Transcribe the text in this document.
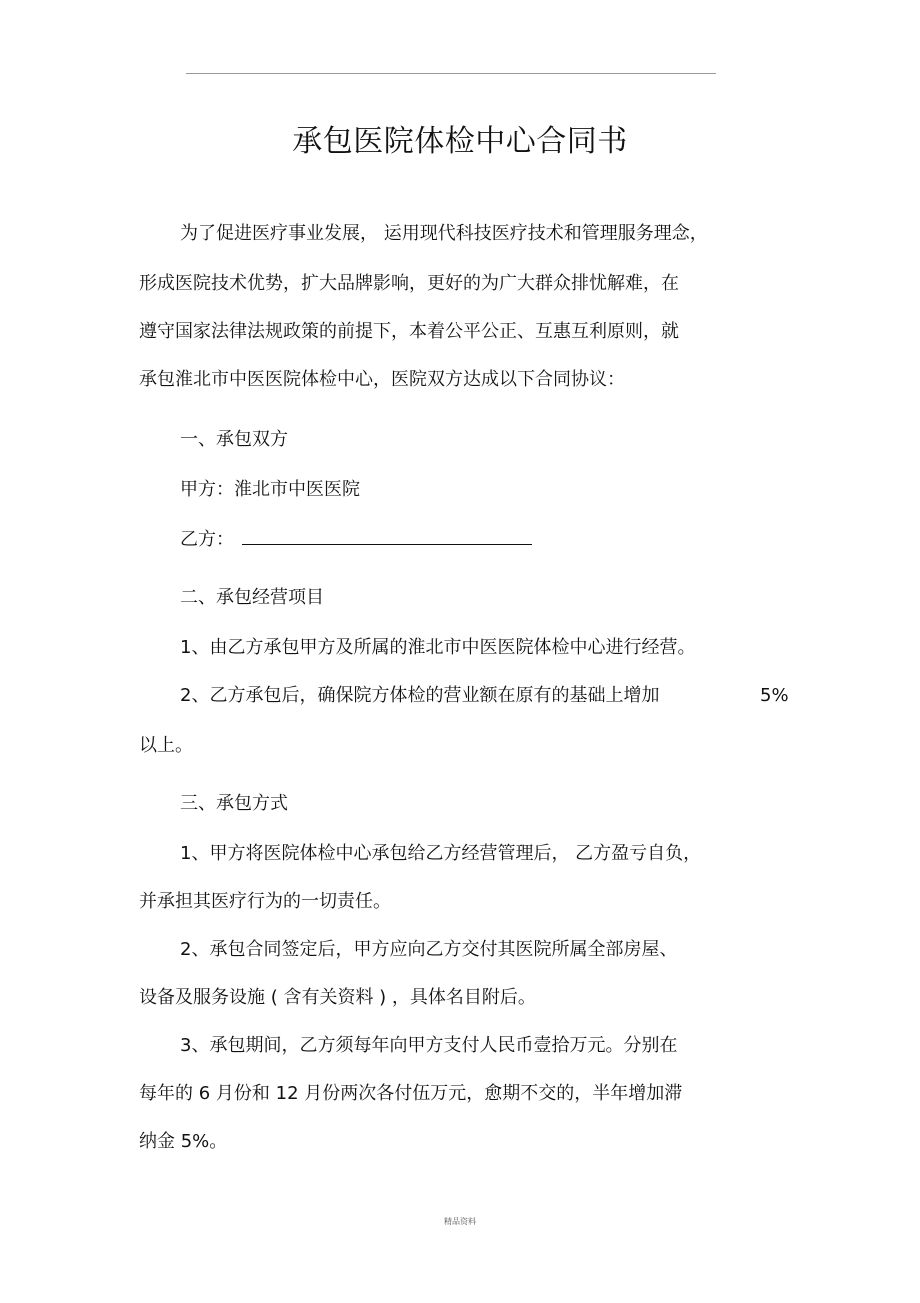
承包医院体检中心合同书
为了促进医疗事业发展， 运用现代科技医疗技术和管理服务理念，
形成医院技术优势，扩大品牌影响，更好的为广大群众排忧解难，在
遵守国家法律法规政策的前提下，本着公平公正、互惠互利原则，就
承包淮北市中医医院体检中心，医院双方达成以下合同协议：
一、承包双方
甲方：淮北市中医医院
乙方：
二、承包经营项目
1、由乙方承包甲方及所属的淮北市中医医院体检中心进行经营。
2、乙方承包后，确保院方体检的营业额在原有的基础上增加	5%
以上。
三、承包方式
1、甲方将医院体检中心承包给乙方经营管理后， 乙方盈亏自负，
并承担其医疗行为的一切责任。
2、承包合同签定后，甲方应向乙方交付其医院所属全部房屋、
设备及服务设施 ( 含有关资料 ) ，具体名目附后。
3、承包期间，乙方须每年向甲方支付人民币壹拾万元。分别在
每年的 6 月份和 12 月份两次各付伍万元，愈期不交的，半年增加滞
纳金 5%。
精品资料
